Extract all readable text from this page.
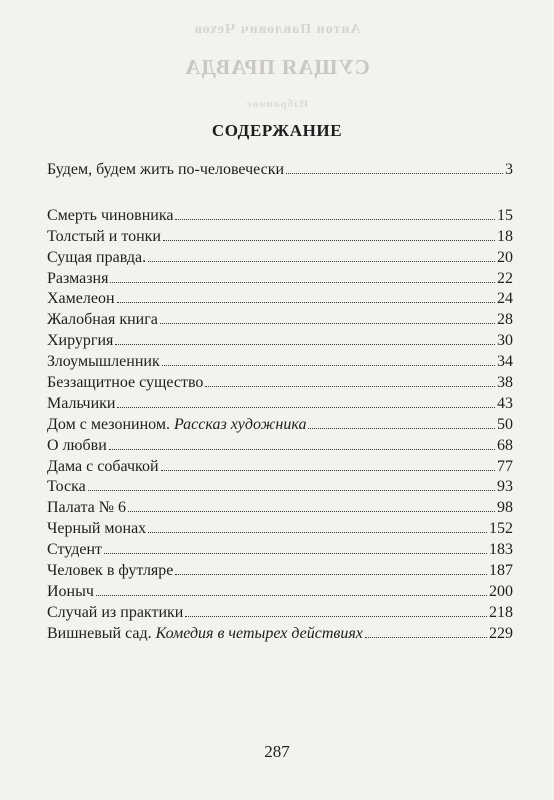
Антон Павлович Чехов
СУЩАЯ ПРАВДА
Избранное
СОДЕРЖАНИЕ
Будем, будем жить по-человечески	3
Смерть чиновника	15
Толстый и тонки	18
Сущая правда.	20
Размазня	22
Хамелеон	24
Жалобная книга	28
Хирургия	30
Злоумышленник	34
Беззащитное существо	38
Мальчики	43
Дом с мезонином. Рассказ художника	50
О любви	68
Дама с собачкой	77
Тоска	93
Палата № 6	98
Черный монах	152
Студент	183
Человек в футляре	187
Ионыч	200
Случай из практики	218
Вишневый сад. Комедия в четырех действиях	229
287
